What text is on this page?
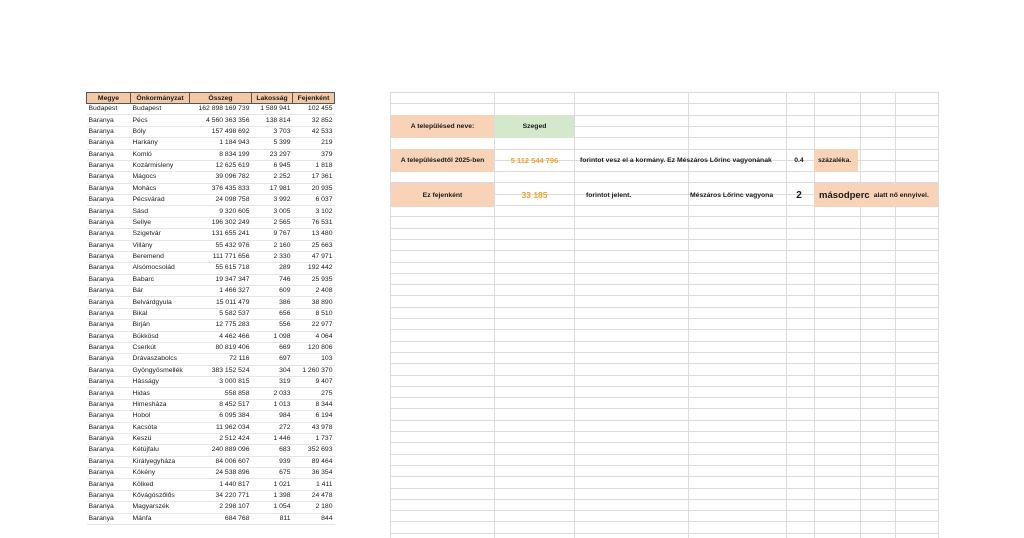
Megye	Önkormányzat	Összeg	Lakosság	Fejenként
Budapest	Budapest	162 898 169 739	1 589 941	102 455
Baranya	Pécs	4 560 363 356	138 814	32 852
Baranya	Bóly	157 498 692	3 703	42 533
Baranya	Harkány	1 184 943	5 399	219
Baranya	Komló	8 834 199	23 297	379
Baranya	Kozármisleny	12 625 619	6 945	1 818
Baranya	Mágocs	39 096 782	2 252	17 361
Baranya	Mohács	376 435 833	17 981	20 935
Baranya	Pécsvárad	24 098 758	3 992	6 037
Baranya	Sásd	9 320 605	3 005	3 102
Baranya	Sellye	196 302 249	2 565	76 531
Baranya	Szigetvár	131 655 241	9 767	13 480
Baranya	Villány	55 432 976	2 160	25 663
Baranya	Beremend	111 771 656	2 330	47 971
Baranya	Alsómocsolád	55 615 718	289	192 442
Baranya	Babarc	19 347 347	746	25 935
Baranya	Bár	1 466 327	609	2 408
Baranya	Belvárdgyula	15 011 479	386	38 890
Baranya	Bikal	5 582 537	656	8 510
Baranya	Birján	12 775 283	556	22 977
Baranya	Bükkösd	4 462 466	1 098	4 064
Baranya	Cserkút	80 819 406	669	120 806
Baranya	Drávaszabolcs	72 116	697	103
Baranya	Gyöngyösmellék	383 152 524	304	1 260 370
Baranya	Hásságy	3 000 815	319	9 407
Baranya	Hidas	558 858	2 033	275
Baranya	Himesháza	8 452 517	1 013	8 344
Baranya	Hobol	6 095 384	984	6 194
Baranya	Kacsóta	11 962 034	272	43 978
Baranya	Keszü	2 512 424	1 446	1 737
Baranya	Kétújfalu	240 889 096	683	352 693
Baranya	Királyegyháza	84 006 607	939	89 464
Baranya	Kökény	24 538 896	675	36 354
Baranya	Kölked	1 440 817	1 021	1 411
Baranya	Kővágószőlős	34 220 771	1 398	24 478
Baranya	Magyarszék	2 298 107	1 054	2 180
Baranya	Mánfa	684 768	811	844
A településed neve:	Szeged
A településedtől 2025-ben	5 112 544 796	forintot vesz el a kormány. Ez Mészáros Lőrinc vagyonának	0.4	százaléka.
Ez fejenként	33 185	forintot jelent.	Mészáros Lőrinc vagyona	2	másodperc alatt nő ennyivel.
